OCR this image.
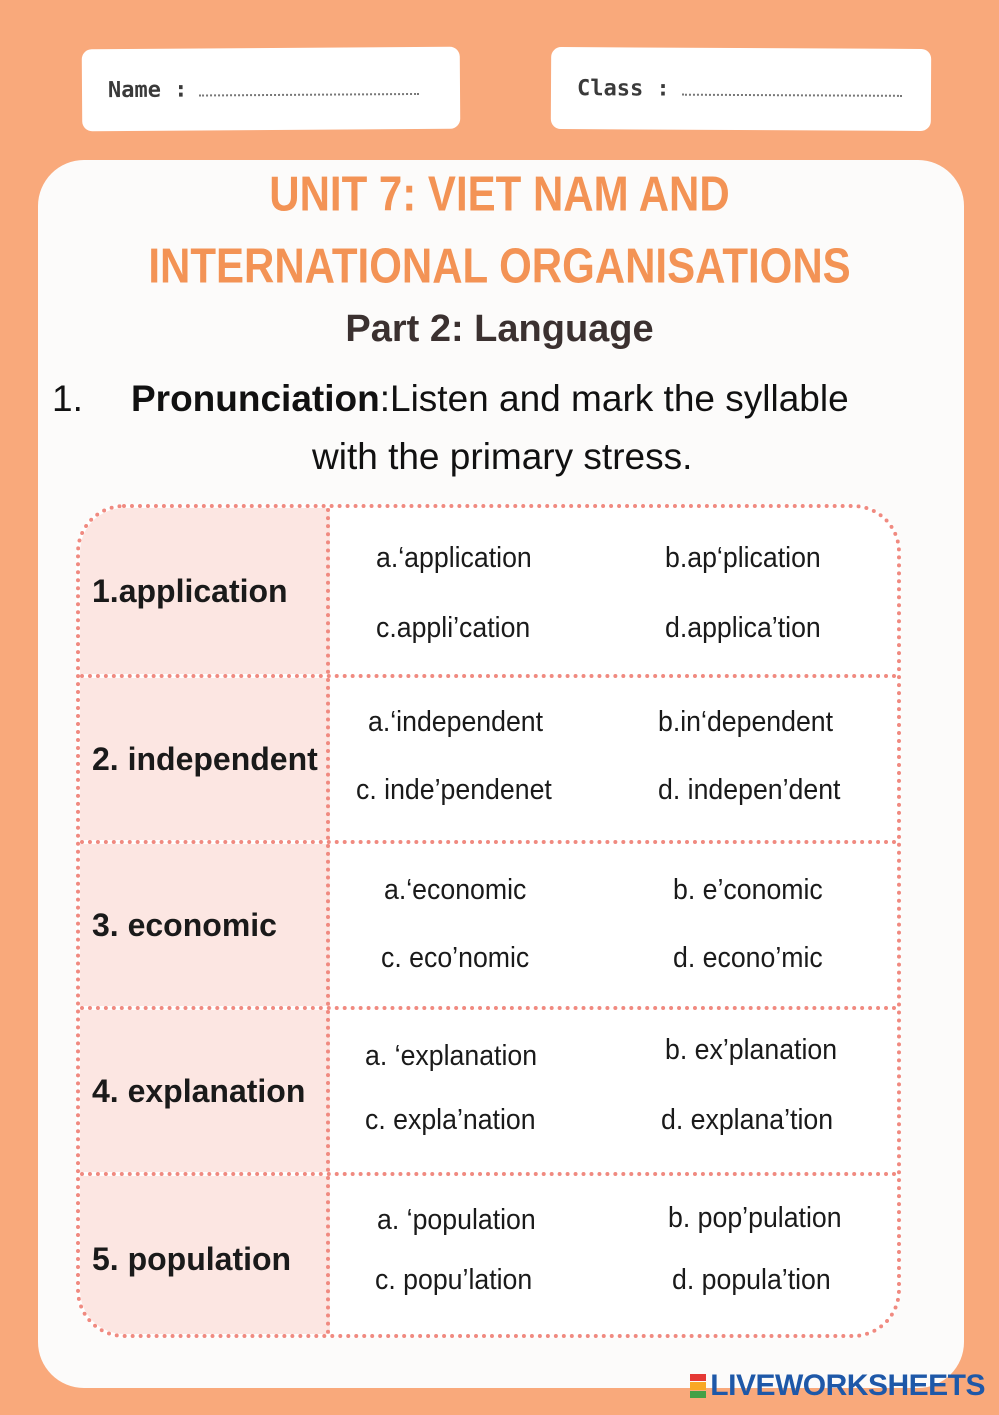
Name :	Class :
UNIT 7: VIET NAM AND
INTERNATIONAL ORGANISATIONS
Part 2: Language
1. Pronunciation:Listen and mark the syllable
with the primary stress.
1.application
a.‘application	b.ap‘plication
c.appli’cation	d.applica’tion
2. independent
a.‘independent	b.in‘dependent
c. inde’pendenet	d. indepen’dent
3. economic
a.‘economic	b. e’conomic
c. eco’nomic	d. econo’mic
4. explanation
a. ‘explanation	b. ex’planation
c. expla’nation	d. explana’tion
5. population
a. ‘population	b. pop’pulation
c. popu’lation	d. popula’tion
LIVEWORKSHEETS
